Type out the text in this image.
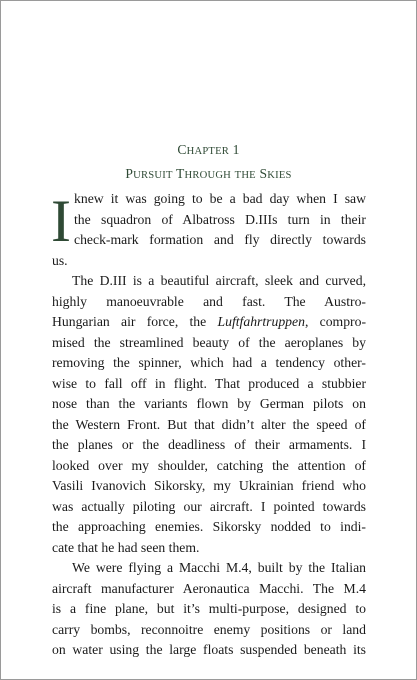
CHAPTER 1
PURSUIT THROUGH THE SKIES
I knew it was going to be a bad day when I saw
the squadron of Albatross D.IIIs turn in their
check-mark formation and fly directly towards
us.
The D.III is a beautiful aircraft, sleek and curved,
highly manoeuvrable and fast. The Austro-
Hungarian air force, the Luftfahrtruppen, compro-
mised the streamlined beauty of the aeroplanes by
removing the spinner, which had a tendency other-
wise to fall off in flight. That produced a stubbier
nose than the variants flown by German pilots on
the Western Front. But that didn’t alter the speed of
the planes or the deadliness of their armaments. I
looked over my shoulder, catching the attention of
Vasili Ivanovich Sikorsky, my Ukrainian friend who
was actually piloting our aircraft. I pointed towards
the approaching enemies. Sikorsky nodded to indi-
cate that he had seen them.
We were flying a Macchi M.4, built by the Italian
aircraft manufacturer Aeronautica Macchi. The M.4
is a fine plane, but it’s multi-purpose, designed to
carry bombs, reconnoitre enemy positions or land
on water using the large floats suspended beneath its
